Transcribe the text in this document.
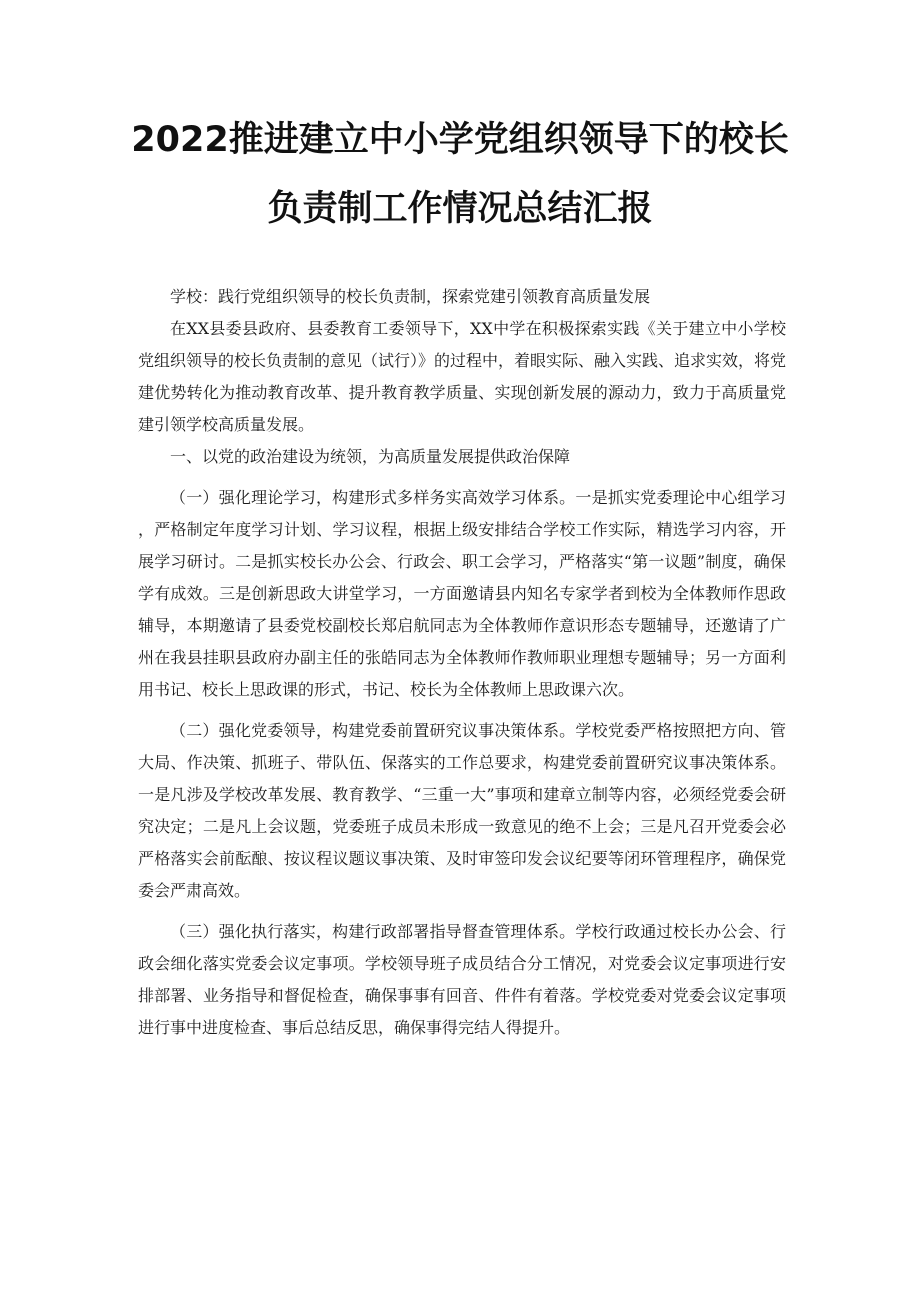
2022推进建立中小学党组织领导下的校长
负责制工作情况总结汇报

学校：践行党组织领导的校长负责制，探索党建引领教育高质量发展

在XX县委县政府、县委教育工委领导下，XX中学在积极探索实践《关于建立中小学校党组织领导的校长负责制的意见（试行）》的过程中，着眼实际、融入实践、追求实效，将党建优势转化为推动教育改革、提升教育教学质量、实现创新发展的源动力，致力于高质量党建引领学校高质量发展。

一、以党的政治建设为统领，为高质量发展提供政治保障

（一）强化理论学习，构建形式多样务实高效学习体系。一是抓实党委理论中心组学习，严格制定年度学习计划、学习议程，根据上级安排结合学校工作实际，精选学习内容，开展学习研讨。二是抓实校长办公会、行政会、职工会学习，严格落实“第一议题”制度，确保学有成效。三是创新思政大讲堂学习，一方面邀请县内知名专家学者到校为全体教师作思政辅导，本期邀请了县委党校副校长郑启航同志为全体教师作意识形态专题辅导，还邀请了广州在我县挂职县政府办副主任的张皓同志为全体教师作教师职业理想专题辅导；另一方面利用书记、校长上思政课的形式，书记、校长为全体教师上思政课六次。

（二）强化党委领导，构建党委前置研究议事决策体系。学校党委严格按照把方向、管大局、作决策、抓班子、带队伍、保落实的工作总要求，构建党委前置研究议事决策体系。一是凡涉及学校改革发展、教育教学、“三重一大”事项和建章立制等内容，必须经党委会研究决定；二是凡上会议题，党委班子成员未形成一致意见的绝不上会；三是凡召开党委会必严格落实会前酝酿、按议程议题议事决策、及时审签印发会议纪要等闭环管理程序，确保党委会严肃高效。

（三）强化执行落实，构建行政部署指导督查管理体系。学校行政通过校长办公会、行政会细化落实党委会议定事项。学校领导班子成员结合分工情况，对党委会议定事项进行安排部署、业务指导和督促检查，确保事事有回音、件件有着落。学校党委对党委会议定事项进行事中进度检查、事后总结反思，确保事得完结人得提升。
